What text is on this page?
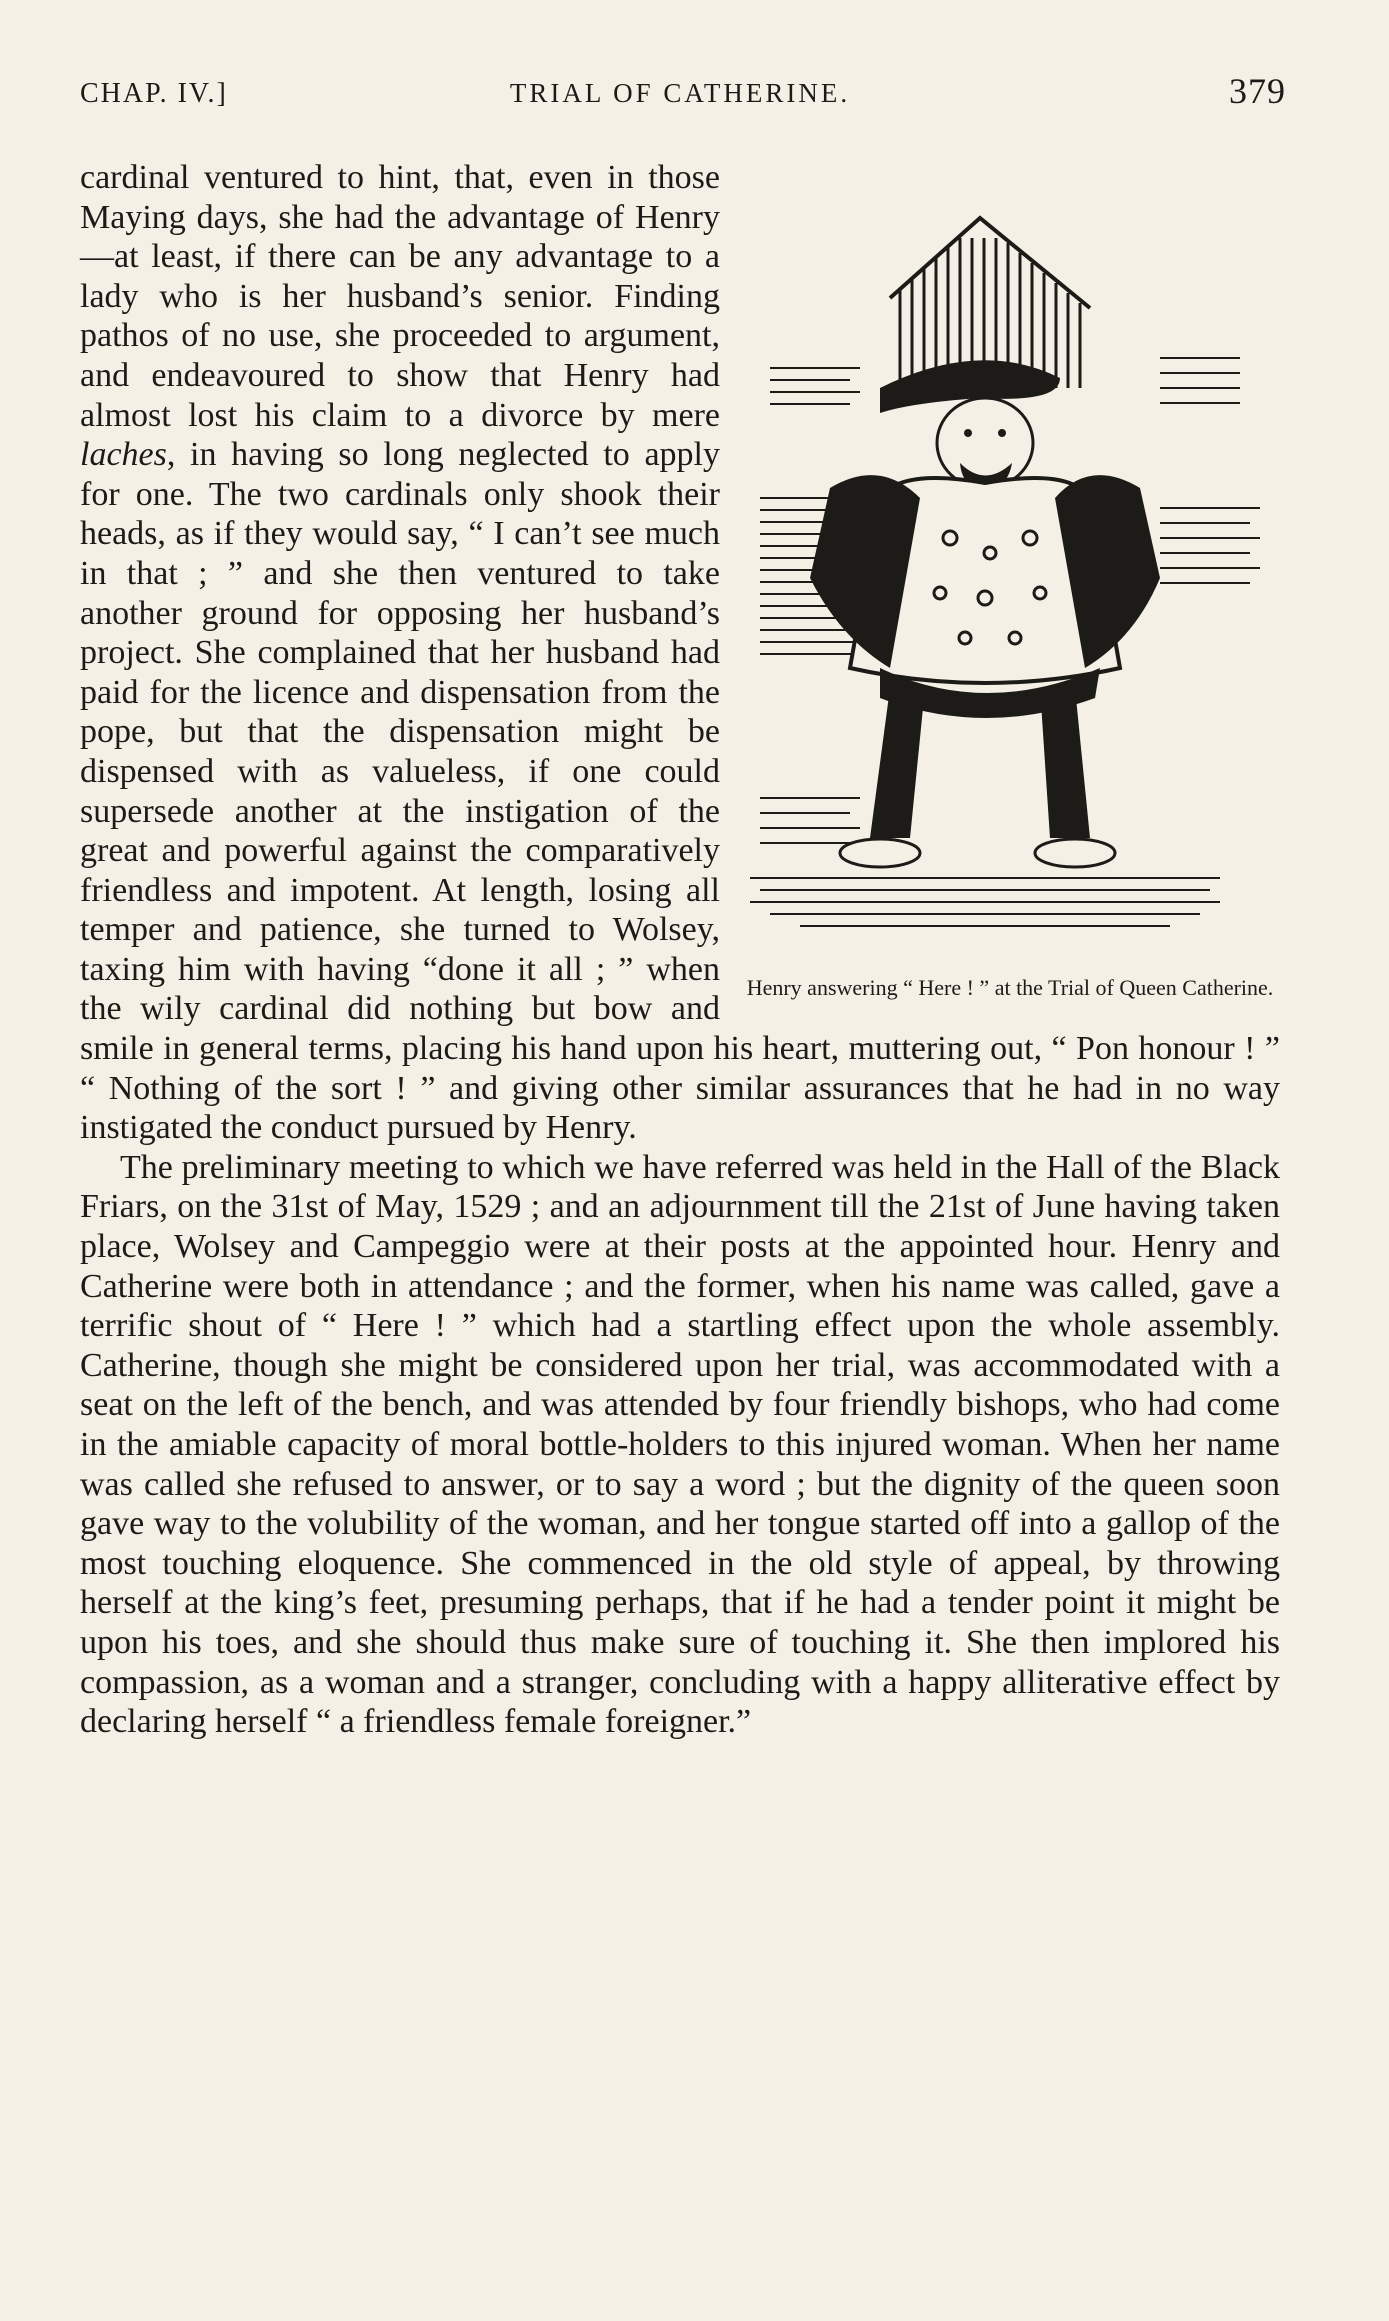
CHAP. IV.]	TRIAL OF CATHERINE.	379
Henry answering “ Here ! ” at the Trial of Queen Catherine.

cardinal ventured to hint, that, even in those Maying days, she had the advantage of Henry—at least, if there can be any advantage to a lady who is her husband’s senior. Finding pathos of no use, she proceeded to argument, and endeavoured to show that Henry had almost lost his claim to a divorce by mere laches, in having so long neglected to apply for one. The two cardinals only shook their heads, as if they would say, “ I can’t see much in that ; ” and she then ventured to take another ground for opposing her husband’s project. She complained that her husband had paid for the licence and dispensation from the pope, but that the dispensation might be dispensed with as valueless, if one could supersede another at the instigation of the great and powerful against the comparatively friendless and impotent. At length, losing all temper and patience, she turned to Wolsey, taxing him with having “done it all ; ” when the wily cardinal did nothing but bow and smile in general terms, placing his hand upon his heart, muttering out, “ Pon honour ! ” “ Nothing of the sort ! ” and giving other similar assurances that he had in no way instigated the conduct pursued by Henry.

The preliminary meeting to which we have referred was held in the Hall of the Black Friars, on the 31st of May, 1529 ; and an adjournment till the 21st of June having taken place, Wolsey and Campeggio were at their posts at the appointed hour. Henry and Catherine were both in attendance ; and the former, when his name was called, gave a terrific shout of “ Here ! ” which had a startling effect upon the whole assembly. Catherine, though she might be considered upon her trial, was accommodated with a seat on the left of the bench, and was attended by four friendly bishops, who had come in the amiable capacity of moral bottle-holders to this injured woman. When her name was called she refused to answer, or to say a word ; but the dignity of the queen soon gave way to the volubility of the woman, and her tongue started off into a gallop of the most touching eloquence. She commenced in the old style of appeal, by throwing herself at the king’s feet, presuming perhaps, that if he had a tender point it might be upon his toes, and she should thus make sure of touching it. She then implored his compassion, as a woman and a stranger, concluding with a happy alliterative effect by declaring herself “ a friendless female foreigner.”
